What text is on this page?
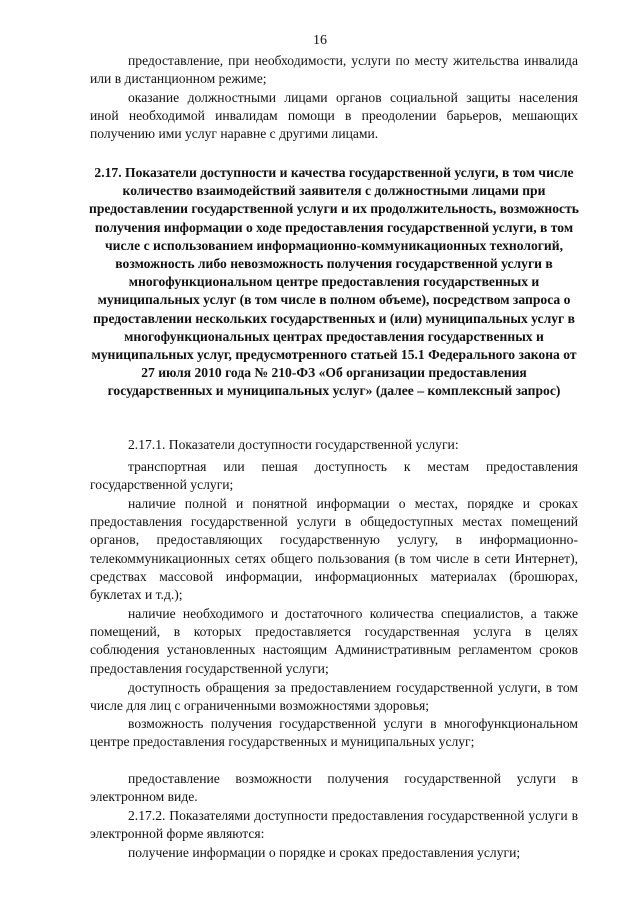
16

предоставление, при необходимости, услуги по месту жительства инвалида или в дистанционном режиме;

оказание должностными лицами органов социальной защиты населения иной необходимой инвалидам помощи в преодолении барьеров, мешающих получению ими услуг наравне с другими лицами.

2.17. Показатели доступности и качества государственной услуги, в том числе количество взаимодействий заявителя с должностными лицами при предоставлении государственной услуги и их продолжительность, возможность получения информации о ходе предоставления государственной услуги, в том числе с использованием информационно-коммуникационных технологий, возможность либо невозможность получения государственной услуги в многофункциональном центре предоставления государственных и муниципальных услуг (в том числе в полном объеме), посредством запроса о предоставлении нескольких государственных и (или) муниципальных услуг в многофункциональных центрах предоставления государственных и муниципальных услуг, предусмотренного статьей 15.1 Федерального закона от 27 июля 2010 года № 210-ФЗ «Об организации предоставления государственных и муниципальных услуг» (далее – комплексный запрос)

2.17.1. Показатели доступности государственной услуги:

транспортная или пешая доступность к местам предоставления государственной услуги;

наличие полной и понятной информации о местах, порядке и сроках предоставления государственной услуги в общедоступных местах помещений органов, предоставляющих государственную услугу, в информационно-телекоммуникационных сетях общего пользования (в том числе в сети Интернет), средствах массовой информации, информационных материалах (брошюрах, буклетах и т.д.);

наличие необходимого и достаточного количества специалистов, а также помещений, в которых предоставляется государственная услуга в целях соблюдения установленных настоящим Административным регламентом сроков предоставления государственной услуги;

доступность обращения за предоставлением государственной услуги, в том числе для лиц с ограниченными возможностями здоровья;

возможность получения государственной услуги в многофункциональном центре предоставления государственных и муниципальных услуг;

предоставление возможности получения государственной услуги в электронном виде.

2.17.2. Показателями доступности предоставления государственной услуги в электронной форме являются:

получение информации о порядке и сроках предоставления услуги;
